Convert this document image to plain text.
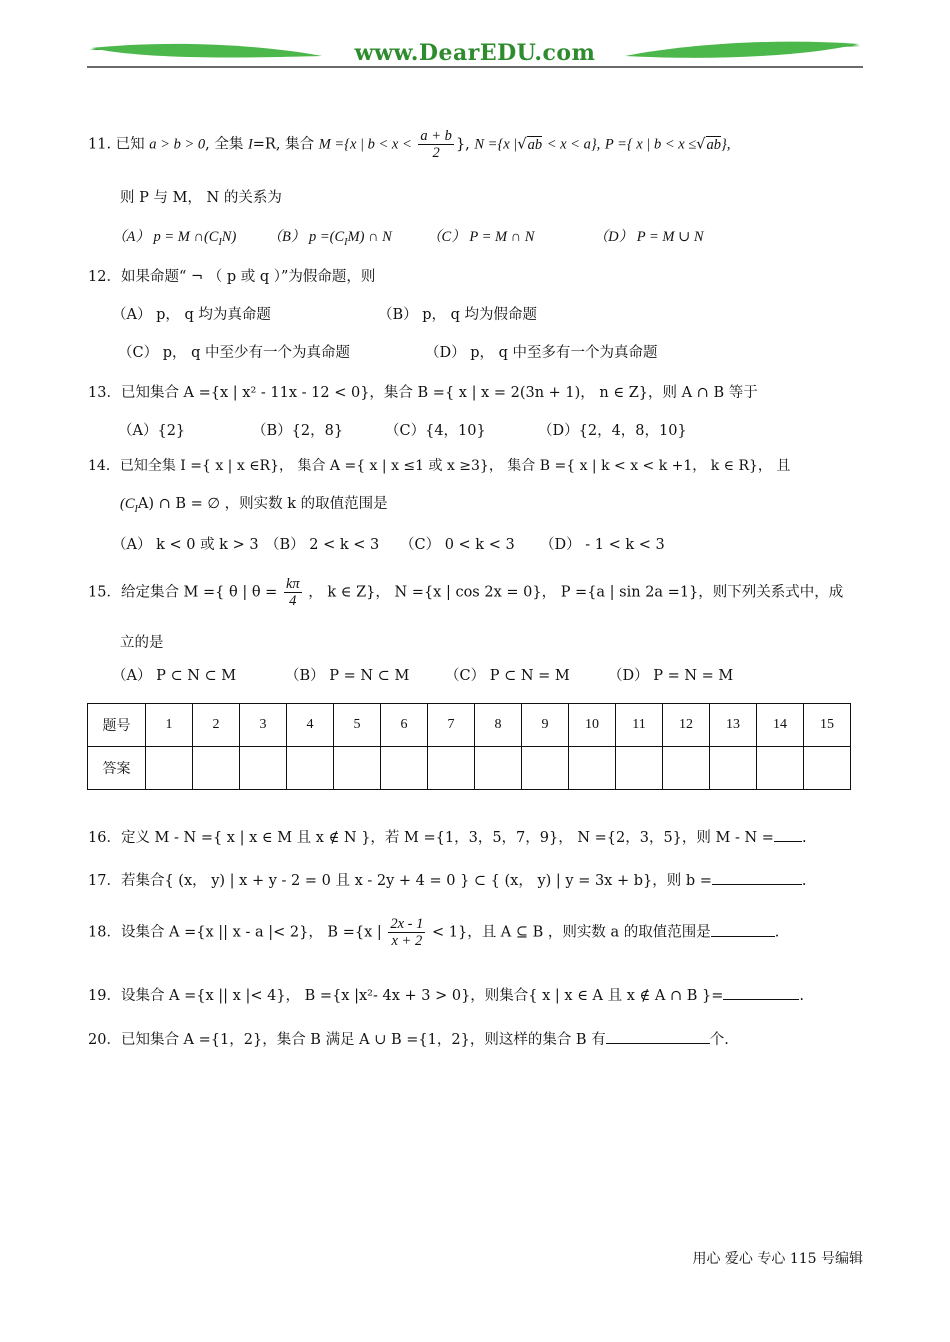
www.DearEDU.com
11. 已知 a > b > 0, 全集 I=R, 集合 M ={x | $b < x < \frac{a + b}{2}$ }, N ={x |√ab < x < a}, P ={ x | b < x ≤√ab},
则 P 与 M， N 的关系为
（A） p = M $\cap(C_IN)$ （B） $p =(C_IM)$ ∩ N （C） P = M ∩ N	（D） P = M ∪ N
12．如果命题“ ¬ （ p 或 q ）”为假命题，则
（A） p， q 均为真命题	（B） p， q 均为假命题
（C） p， q 中至少有一个为真命题	（D） p， q 中至多有一个为真命题
13．已知集合 A ={x | x² - 11x - 12 < 0}，集合 B ={ x | x = 2(3n + 1)， n ∈ Z}，则 A ∩ B 等于
（A）{2}	（B）{2，8}	（C）{4，10}	（D）{2，4，8，10}
14．已知全集 I ={ x | x ∈R}， 集合 A ={ x | x ≤1 或 x ≥3}， 集合 B ={ x | k < x < k +1， k ∈ R}， 且
$(C_IA)$ ∩ B = ∅ ，则实数 k 的取值范围是
（A） k < 0 或 k > 3 （B） 2 < k < 3 （C） 0 < k < 3 （D） - 1 < k < 3
15．给定集合 M ={ θ | $\theta = \frac{k\pi}{4}$ ， k ∈ Z}， N ={x | cos 2x = 0}， P ={a | sin 2a =1}，则下列关系式中，成
立的是
（A） P ⊂ N ⊂ M	（B） P = N ⊂ M （C） P ⊂ N = M	（D） P = N = M
题号	1	2	3	4	5	6	7	8	9	10	11	12	13	14	15
答案															
16．定义 M - N ={ x | x ∈ M 且 x ∉ N }，若 M ={1，3，5，7，9}， N ={2，3，5}，则 M - N = .
17．若集合{ (x， y) | x + y - 2 = 0 且 x - 2y + 4 = 0 } ⊂ { (x， y) | y = 3x + b}，则 b =	.
18．设集合 A ={x || x - a |< 2}， B ={x | $\frac{2x - 1}{x + 2} < 1$}，且 A ⊆ B ，则实数 a 的取值范围是	.
19．设集合 A ={x || x |< 4}， B ={x |x²- 4x + 3 > 0}，则集合{ x | x ∈ A 且 x ∉ A ∩ B }=	.
20．已知集合 A ={1，2}，集合 B 满足 A ∪ B ={1，2}，则这样的集合 B 有	个.
用心 爱心 专心 115 号编辑
